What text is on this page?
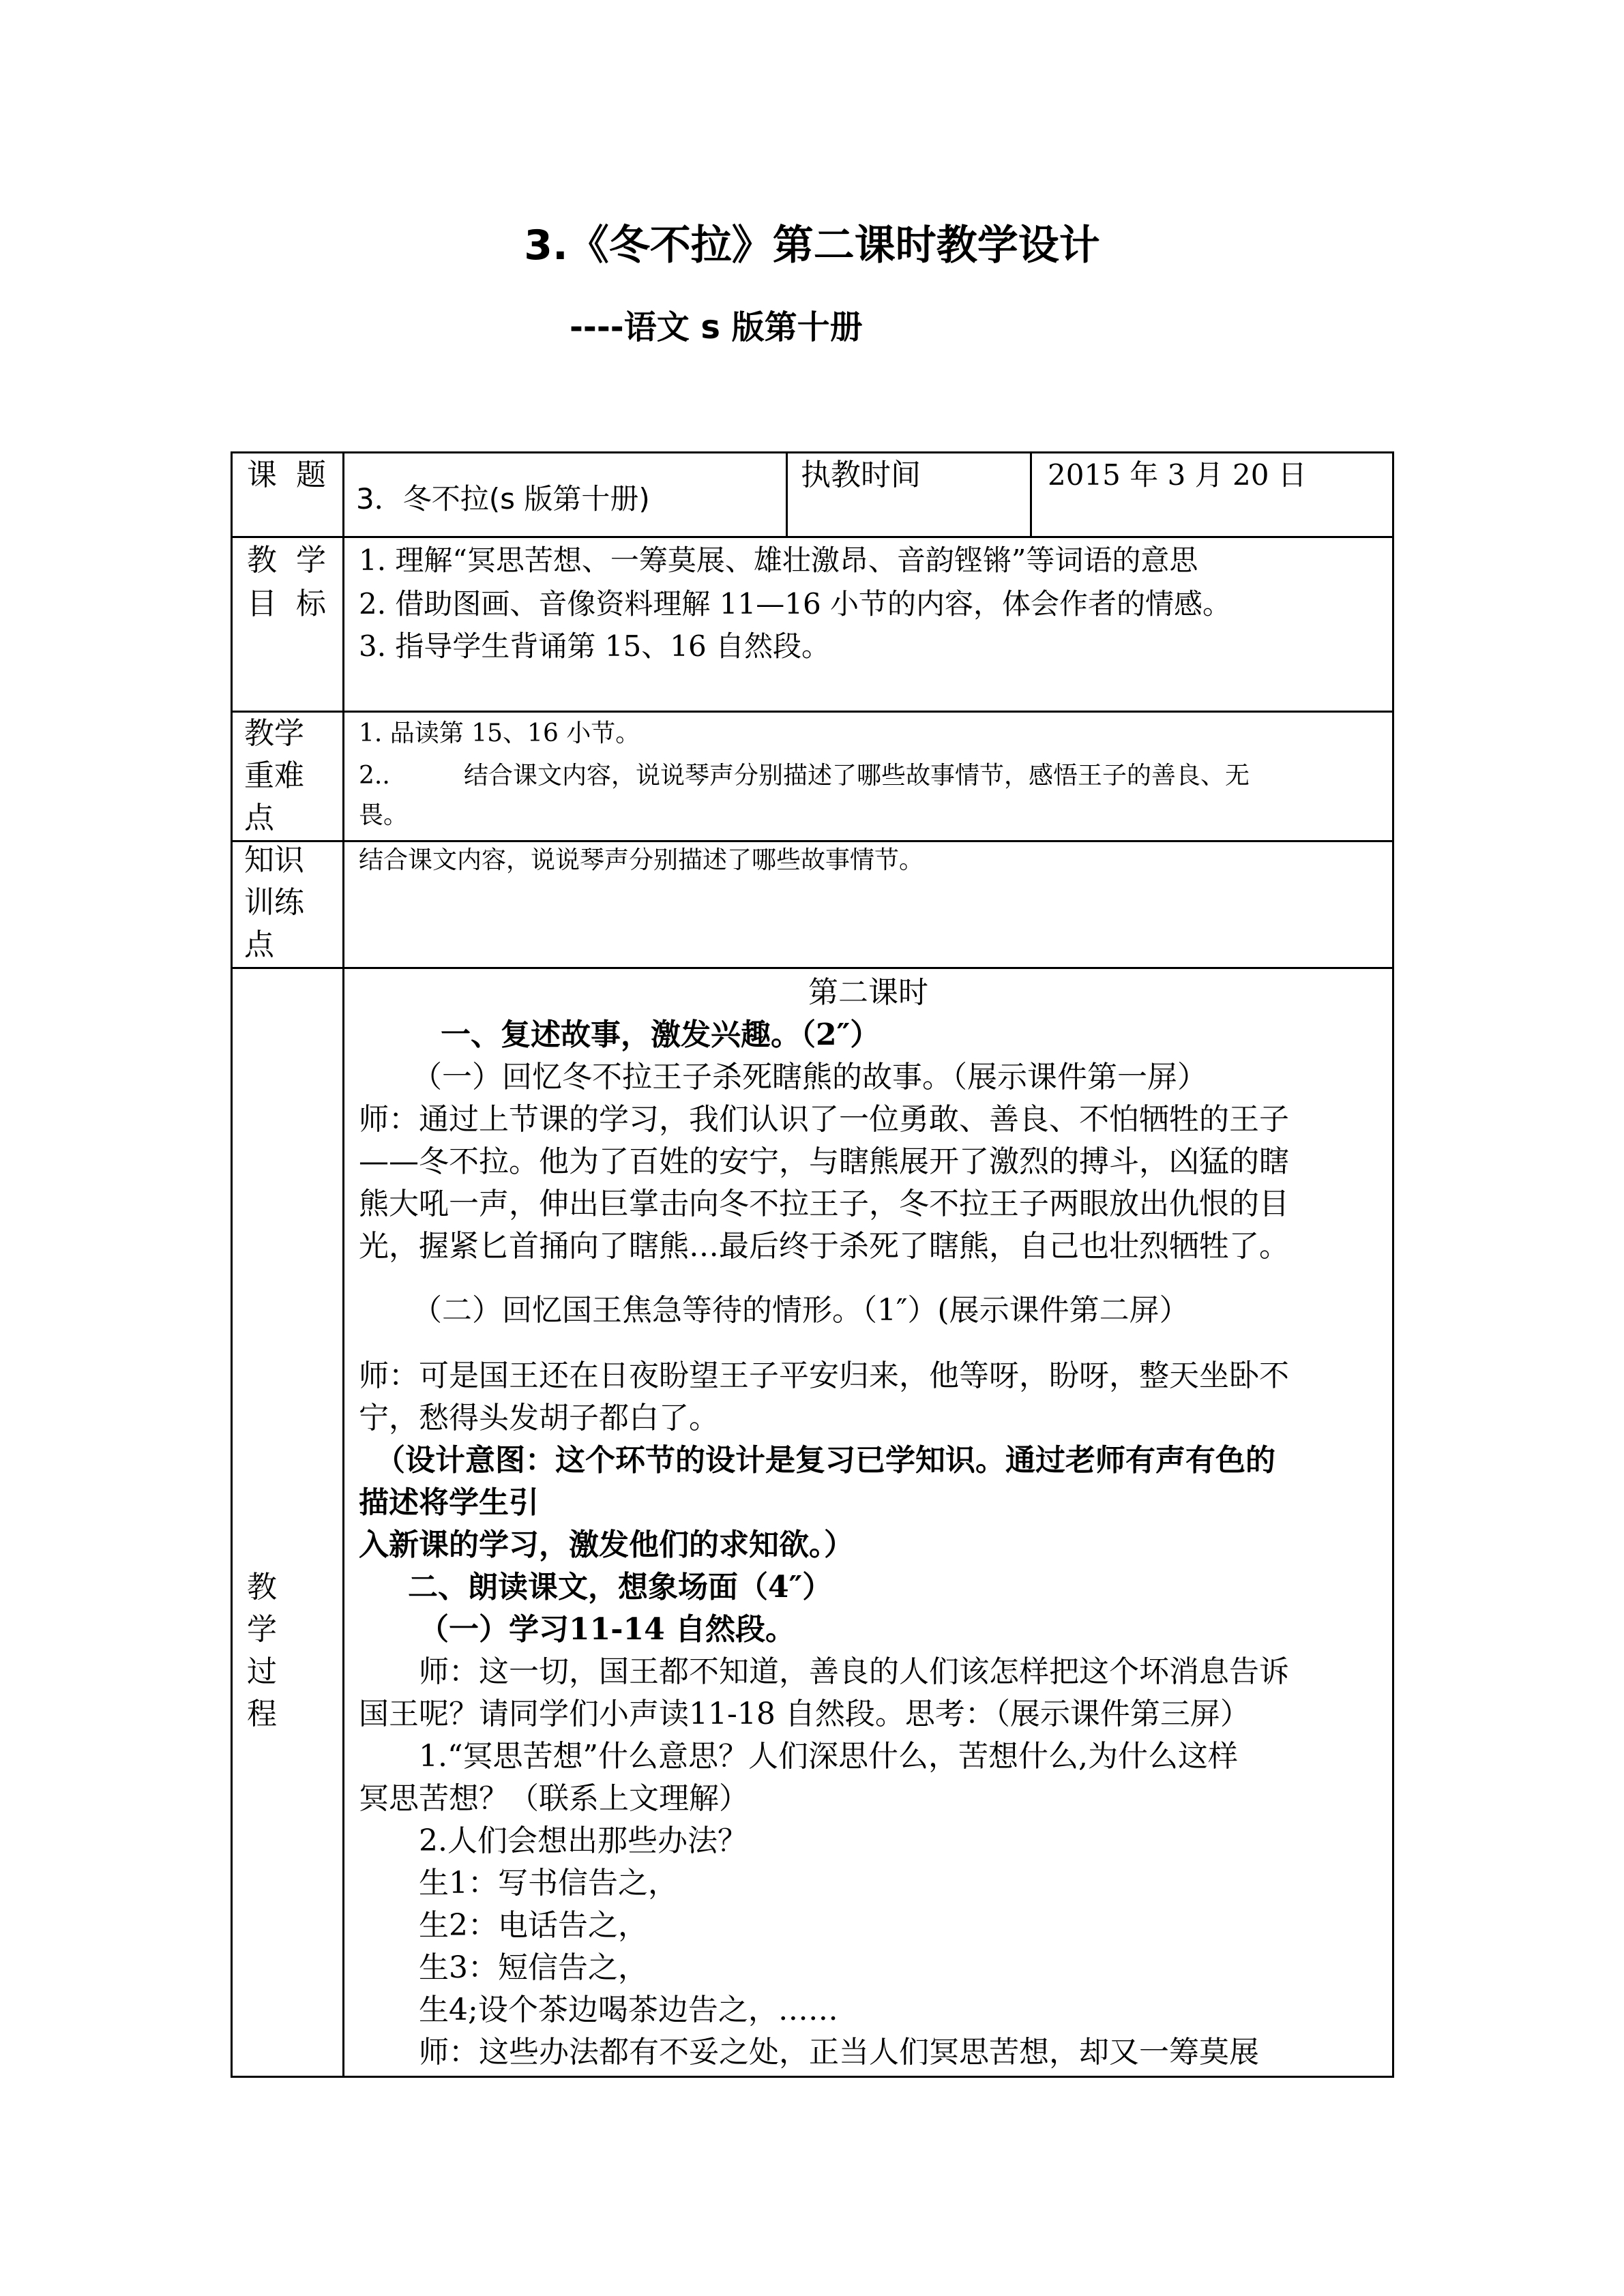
3.《冬不拉》第二课时教学设计
----语文 s 版第十册
课  题
3．冬不拉(s 版第十册)
执教时间	2015 年 3 月 20 日
教  学
目  标
1. 理解“冥思苦想、一筹莫展、雄壮激昂、音韵铿锵”等词语的意思
2. 借助图画、音像资料理解 11—16 小节的内容，体会作者的情感。
3. 指导学生背诵第 15、16 自然段。
教学
重难
点
1. 品读第 15、16 小节。
2..	结合课文内容，说说琴声分别描述了哪些故事情节，感悟王子的善良、无
畏。
知识
训练
点
结合课文内容，说说琴声分别描述了哪些故事情节。
教
学
过
程
第二课时
一、复述故事，激发兴趣。（2″）
（一）回忆冬不拉王子杀死瞎熊的故事。（展示课件第一屏）
师：通过上节课的学习，我们认识了一位勇敢、善良、不怕牺牲的王子
——冬不拉。他为了百姓的安宁，与瞎熊展开了激烈的搏斗，凶猛的瞎
熊大吼一声，伸出巨掌击向冬不拉王子，冬不拉王子两眼放出仇恨的目
光，握紧匕首捅向了瞎熊…最后终于杀死了瞎熊，自己也壮烈牺牲了。
（二）回忆国王焦急等待的情形。（1″）(展示课件第二屏）
师：可是国王还在日夜盼望王子平安归来，他等呀，盼呀，整天坐卧不
宁，愁得头发胡子都白了。
（设计意图：这个环节的设计是复习已学知识。通过老师有声有色的
描述将学生引
入新课的学习，激发他们的求知欲。）
二、朗读课文，想象场面（4″）
（一）学习11-14 自然段。
师：这一切，国王都不知道，善良的人们该怎样把这个坏消息告诉
国王呢？请同学们小声读11-18 自然段。思考：（展示课件第三屏）
1.“冥思苦想”什么意思？人们深思什么，苦想什么,为什么这样
冥思苦想？（联系上文理解）
2.人们会想出那些办法？
生1：写书信告之，
生2：电话告之，
生3：短信告之，
生4;设个茶边喝茶边告之，……
师：这些办法都有不妥之处，正当人们冥思苦想，却又一筹莫展
